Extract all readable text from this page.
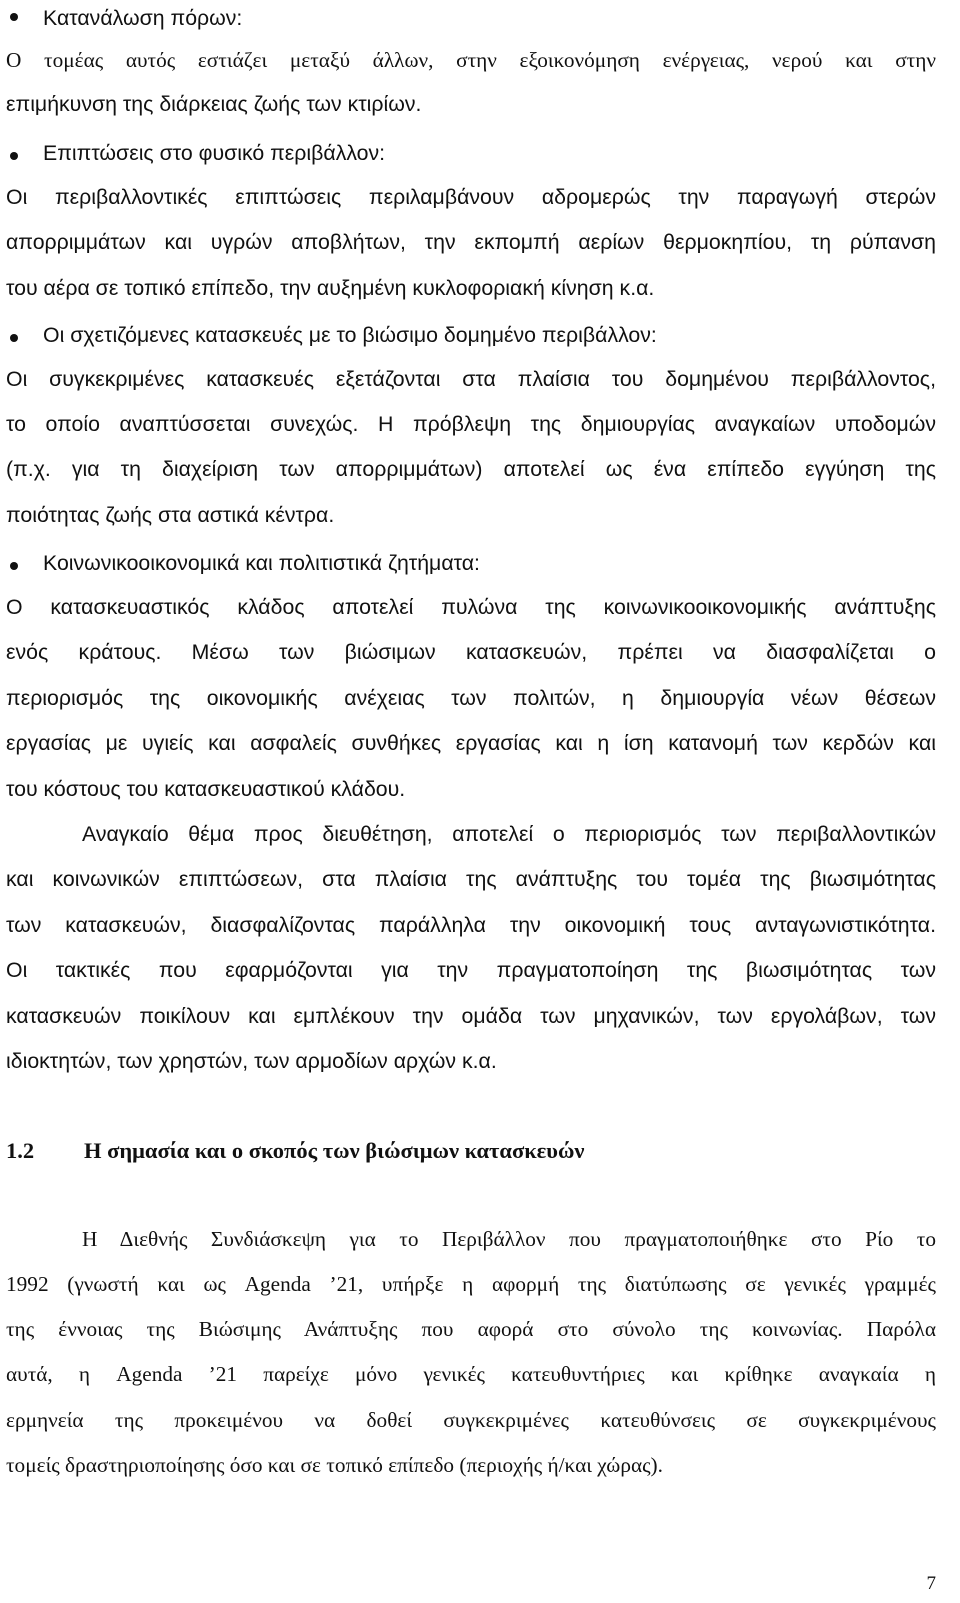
Κατανάλωση πόρων:
Ο τομέας αυτός εστιάζει μεταξύ άλλων, στην εξοικονόμηση ενέργειας, νερού και στην
επιμήκυνση της διάρκειας ζωής των κτιρίων.
Επιπτώσεις στο φυσικό περιβάλλον:
Οι περιβαλλοντικές επιπτώσεις περιλαμβάνουν αδρομερώς την παραγωγή στερών
απορριμμάτων και υγρών αποβλήτων, την εκπομπή αερίων θερμοκηπίου, τη ρύπανση
του αέρα σε τοπικό επίπεδο, την αυξημένη κυκλοφοριακή κίνηση κ.α.
Οι σχετιζόμενες κατασκευές με το βιώσιμο δομημένο περιβάλλον:
Οι συγκεκριμένες κατασκευές εξετάζονται στα πλαίσια του δομημένου περιβάλλοντος,
το οποίο αναπτύσσεται συνεχώς. Η πρόβλεψη της δημιουργίας αναγκαίων υποδομών
(π.χ. για τη διαχείριση των απορριμμάτων) αποτελεί ως ένα επίπεδο εγγύηση της
ποιότητας ζωής στα αστικά κέντρα.
Κοινωνικοοικονομικά και πολιτιστικά ζητήματα:
Ο κατασκευαστικός κλάδος αποτελεί πυλώνα της κοινωνικοοικονομικής ανάπτυξης
ενός κράτους. Μέσω των βιώσιμων κατασκευών, πρέπει να διασφαλίζεται ο
περιορισμός της οικονομικής ανέχειας των πολιτών, η δημιουργία νέων θέσεων
εργασίας με υγιείς και ασφαλείς συνθήκες εργασίας και η ίση κατανομή των κερδών και
του κόστους του κατασκευαστικού κλάδου.
Αναγκαίο θέμα προς διευθέτηση, αποτελεί ο περιορισμός των περιβαλλοντικών
και κοινωνικών επιπτώσεων, στα πλαίσια της ανάπτυξης του τομέα της βιωσιμότητας
των κατασκευών, διασφαλίζοντας παράλληλα την οικονομική τους ανταγωνιστικότητα.
Οι τακτικές που εφαρμόζονται για την πραγματοποίηση της βιωσιμότητας των
κατασκευών ποικίλουν και εμπλέκουν την ομάδα των μηχανικών, των εργολάβων, των
ιδιοκτητών, των χρηστών, των αρμοδίων αρχών κ.α.
1.2 Η σημασία και ο σκοπός των βιώσιμων κατασκευών
Η Διεθνής Συνδιάσκεψη για το Περιβάλλον που πραγματοποιήθηκε στο Ρίο το
1992 (γνωστή και ως Agenda ’21, υπήρξε η αφορμή της διατύπωσης σε γενικές γραμμές
της έννοιας της Βιώσιμης Ανάπτυξης που αφορά στο σύνολο της κοινωνίας. Παρόλα
αυτά, η Agenda ’21 παρείχε μόνο γενικές κατευθυντήριες και κρίθηκε αναγκαία η
ερμηνεία της προκειμένου να δοθεί συγκεκριμένες κατευθύνσεις σε συγκεκριμένους
τομείς δραστηριοποίησης όσο και σε τοπικό επίπεδο (περιοχής ή/και χώρας).
7
